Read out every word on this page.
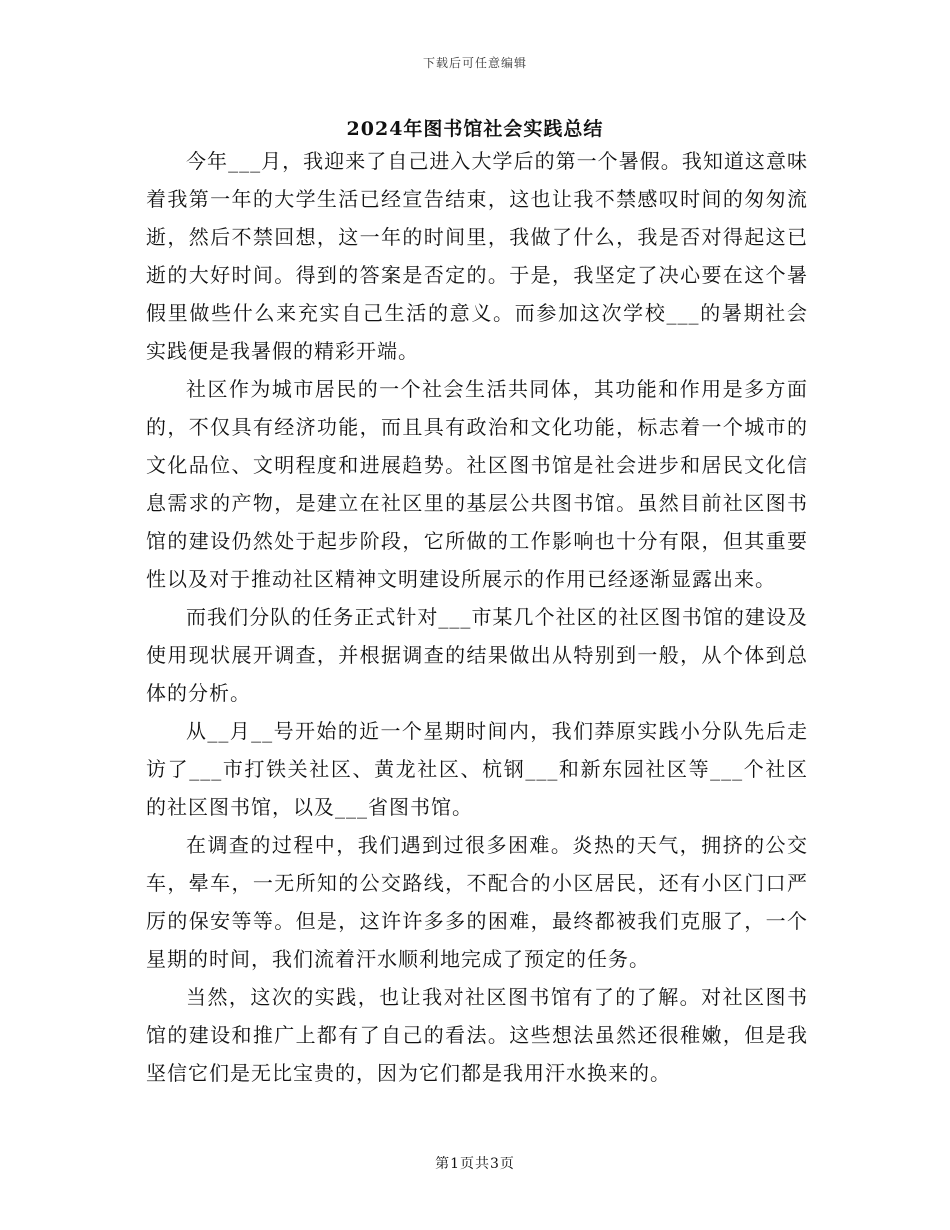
下载后可任意编辑
2024年图书馆社会实践总结

今年___月，我迎来了自己进入大学后的第一个暑假。我知道这意味着我第一年的大学生活已经宣告结束，这也让我不禁感叹时间的匆匆流逝，然后不禁回想，这一年的时间里，我做了什么，我是否对得起这已逝的大好时间。得到的答案是否定的。于是，我坚定了决心要在这个暑假里做些什么来充实自己生活的意义。而参加这次学校___的暑期社会实践便是我暑假的精彩开端。

社区作为城市居民的一个社会生活共同体，其功能和作用是多方面的，不仅具有经济功能，而且具有政治和文化功能，标志着一个城市的文化品位、文明程度和进展趋势。社区图书馆是社会进步和居民文化信息需求的产物，是建立在社区里的基层公共图书馆。虽然目前社区图书馆的建设仍然处于起步阶段，它所做的工作影响也十分有限，但其重要性以及对于推动社区精神文明建设所展示的作用已经逐渐显露出来。

而我们分队的任务正式针对___市某几个社区的社区图书馆的建设及使用现状展开调查，并根据调查的结果做出从特别到一般，从个体到总体的分析。

从__月__号开始的近一个星期时间内，我们莽原实践小分队先后走访了___市打铁关社区、黄龙社区、杭钢___和新东园社区等___个社区的社区图书馆，以及___省图书馆。

在调查的过程中，我们遇到过很多困难。炎热的天气，拥挤的公交车，晕车，一无所知的公交路线，不配合的小区居民，还有小区门口严厉的保安等等。但是，这许许多多的困难，最终都被我们克服了，一个星期的时间，我们流着汗水顺利地完成了预定的任务。

当然，这次的实践，也让我对社区图书馆有了的了解。对社区图书馆的建设和推广上都有了自己的看法。这些想法虽然还很稚嫩，但是我坚信它们是无比宝贵的，因为它们都是我用汗水换来的。

第1页共3页
